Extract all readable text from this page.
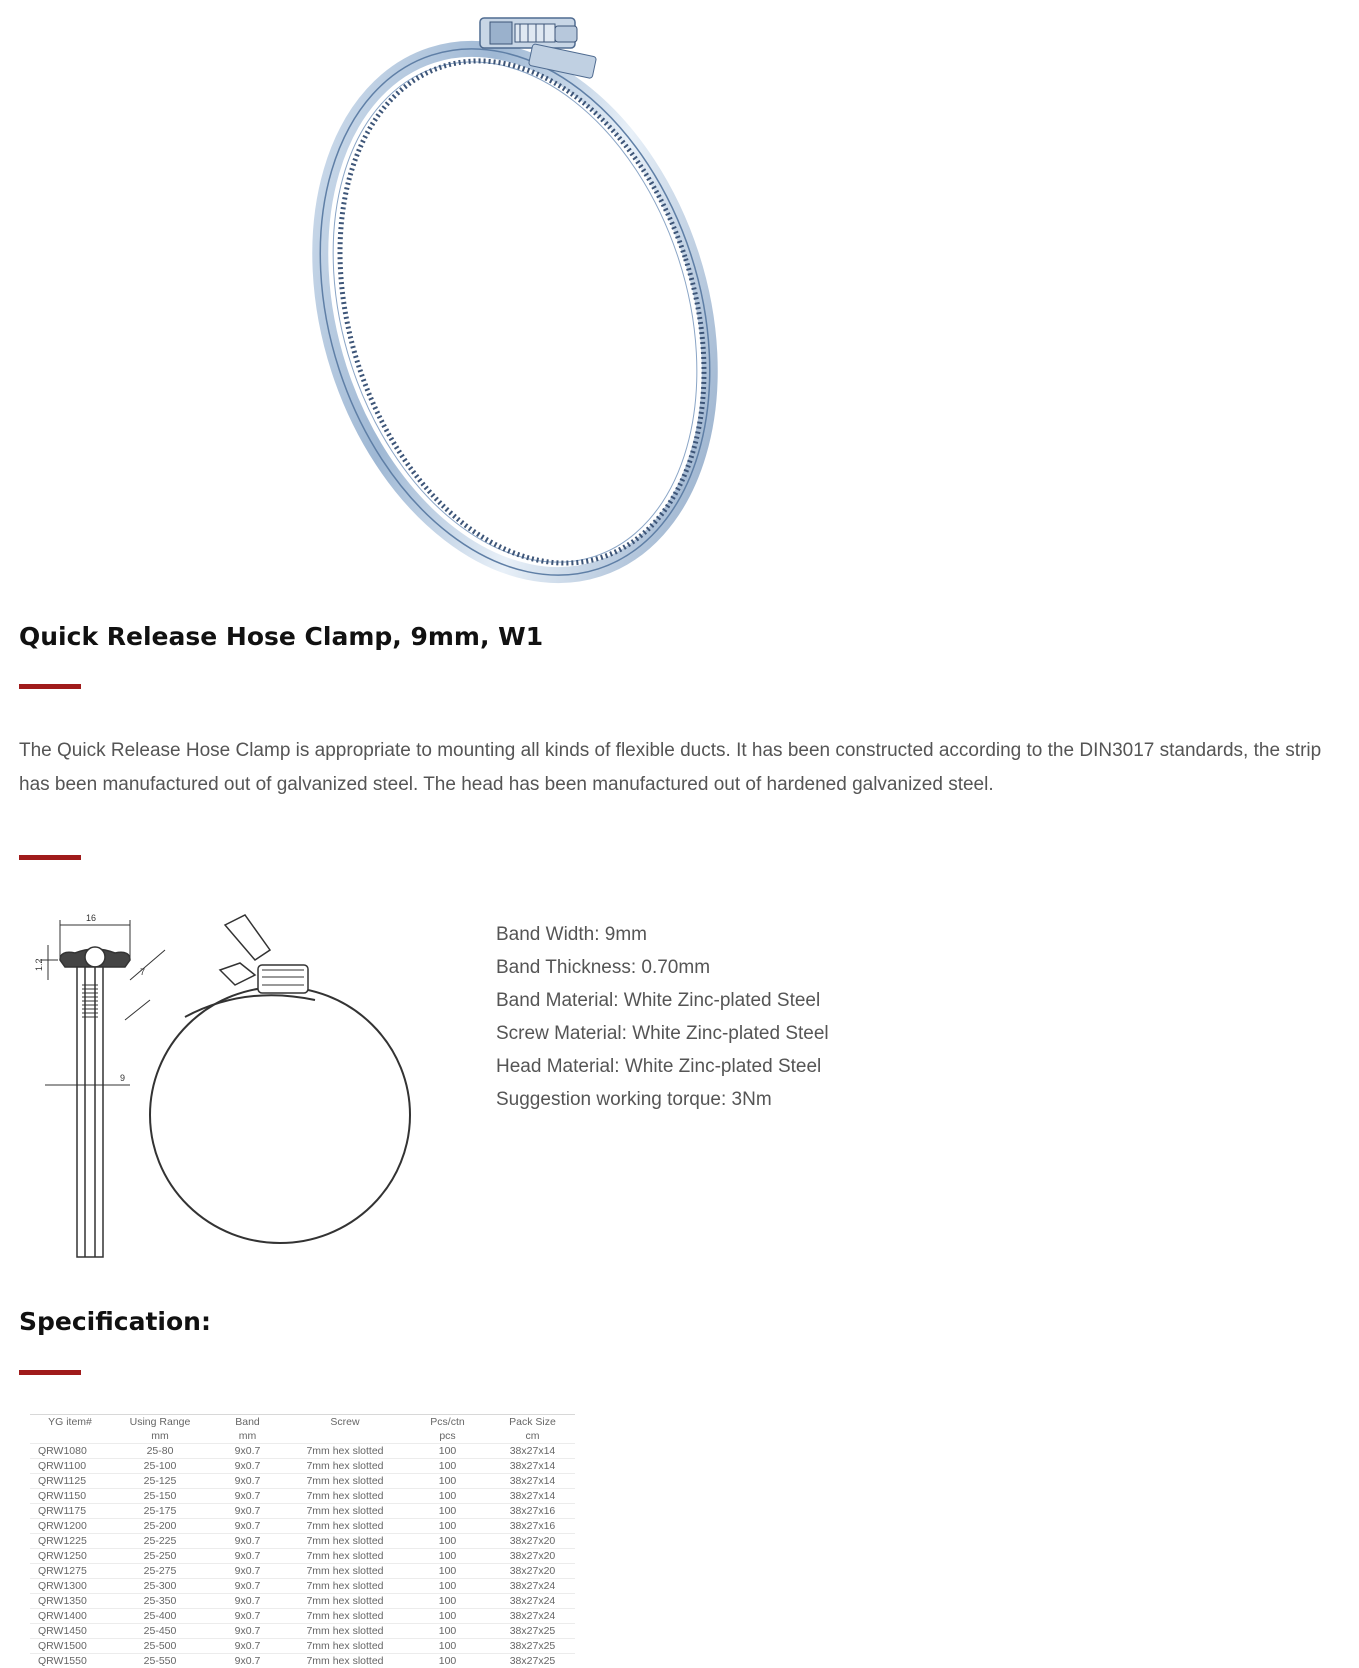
Quick Release Hose Clamp, 9mm, W1

The Quick Release Hose Clamp is appropriate to mounting all kinds of flexible ducts. It has been constructed according to the DIN3017 standards, the strip has been manufactured out of galvanized steel. The head has been manufactured out of hardened galvanized steel.

16
1.2
7
9
Band Width: 9mm
Band Thickness: 0.70mm
Band Material: White Zinc-plated Steel
Screw Material: White Zinc-plated Steel
Head Material: White Zinc-plated Steel
Suggestion working torque: 3Nm
Specification:
YG item#	Using Range	Band	Screw	Pcs/ctn	Pack Size
	mm	mm		pcs	cm
QRW1080	25-80	9x0.7	7mm hex slotted	100	38x27x14
QRW1100	25-100	9x0.7	7mm hex slotted	100	38x27x14
QRW1125	25-125	9x0.7	7mm hex slotted	100	38x27x14
QRW1150	25-150	9x0.7	7mm hex slotted	100	38x27x14
QRW1175	25-175	9x0.7	7mm hex slotted	100	38x27x16
QRW1200	25-200	9x0.7	7mm hex slotted	100	38x27x16
QRW1225	25-225	9x0.7	7mm hex slotted	100	38x27x20
QRW1250	25-250	9x0.7	7mm hex slotted	100	38x27x20
QRW1275	25-275	9x0.7	7mm hex slotted	100	38x27x20
QRW1300	25-300	9x0.7	7mm hex slotted	100	38x27x24
QRW1350	25-350	9x0.7	7mm hex slotted	100	38x27x24
QRW1400	25-400	9x0.7	7mm hex slotted	100	38x27x24
QRW1450	25-450	9x0.7	7mm hex slotted	100	38x27x25
QRW1500	25-500	9x0.7	7mm hex slotted	100	38x27x25
QRW1550	25-550	9x0.7	7mm hex slotted	100	38x27x25
